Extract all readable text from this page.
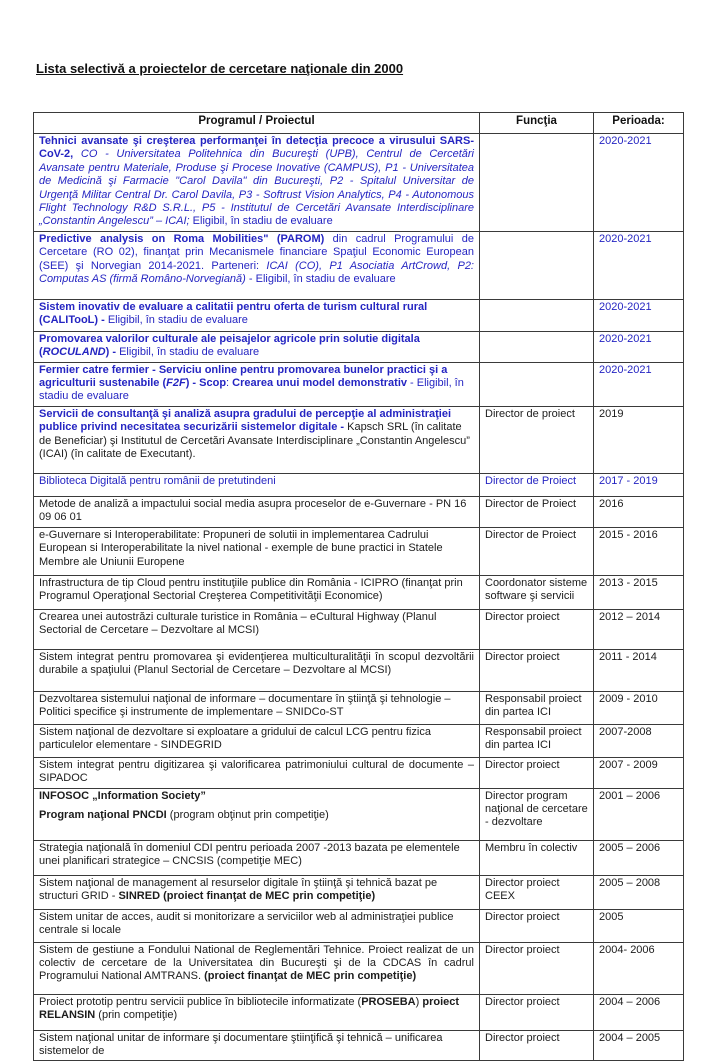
Lista selectivă a proiectelor de cercetare naţionale din 2000
Programul / Proiectul	Funcţia	Perioada:
Tehnici avansate şi creşterea performanţei în detecţia precoce a virusului SARS-CoV-2, CO - Universitatea Politehnica din Bucureşti (UPB), Centrul de Cercetări Avansate pentru Materiale, Produse şi Procese Inovative (CAMPUS), P1 - Universitatea de Medicină şi Farmacie "Carol Davila" din Bucureşti, P2 - Spitalul Universitar de Urgenţă Militar Central Dr. Carol Davila, P3 - Softrust Vision Analytics, P4 - Autonomous Flight Technology R&D S.R.L., P5 - Institutul de Cercetări Avansate Interdisciplinare „Constantin Angelescu” – ICAI; Eligibil, în stadiu de evaluare		2020-2021
Predictive analysis on Roma Mobilities" (PAROM) din cadrul Programului de Cercetare (RO 02), finanţat prin Mecanismele financiare Spaţiul Economic European (SEE) şi Norvegian 2014-2021. Parteneri: ICAI (CO), P1 Asociatia ArtCrowd, P2: Computas AS (firmă Româno-Norvegiană) - Eligibil, în stadiu de evaluare		2020-2021
Sistem inovativ de evaluare a calitatii pentru oferta de turism cultural rural (CALITooL) - Eligibil, în stadiu de evaluare		2020-2021
Promovarea valorilor culturale ale peisajelor agricole prin solutie digitala (ROCULAND) - Eligibil, în stadiu de evaluare		2020-2021
Fermier catre fermier - Serviciu online pentru promovarea bunelor practici şi a agriculturii sustenabile (F2F) - Scop: Crearea unui model demonstrativ - Eligibil, în stadiu de evaluare		2020-2021
Servicii de consultanţă şi analiză asupra gradului de percepţie al administraţiei publice privind necesitatea securizării sistemelor digitale - Kapsch SRL (în calitate de Beneficiar) şi Institutul de Cercetări Avansate Interdisciplinare „Constantin Angelescu” (ICAI) (în calitate de Executant).	Director de proiect	2019
Biblioteca Digitală pentru românii de pretutindeni	Director de Proiect	2017 - 2019
Metode de analiză a impactului social media asupra proceselor de e-Guvernare - PN 16 09 06 01	Director de Proiect	2016
e-Guvernare si Interoperabilitate: Propuneri de solutii in implementarea Cadrului European si Interoperabilitate la nivel national - exemple de bune practici in Statele Membre ale Uniunii Europene	Director de Proiect	2015 - 2016
Infrastructura de tip Cloud pentru instituţiile publice din România - ICIPRO (finanţat prin Programul Operaţional Sectorial Creşterea Competitivităţii Economice)	Coordonator sisteme software şi servicii	2013 - 2015
Crearea unei autostrăzi culturale turistice in România – eCultural Highway (Planul Sectorial de Cercetare – Dezvoltare al MCSI)	Director proiect	2012 – 2014
Sistem integrat pentru promovarea şi evidenţierea multiculturalităţii în scopul dezvoltării durabile a spaţiului (Planul Sectorial de Cercetare – Dezvoltare al MCSI)	Director proiect	2011 - 2014
Dezvoltarea sistemului naţional de informare – documentare în ştiinţă şi tehnologie – Politici specifice şi instrumente de implementare – SNIDCo-ST	Responsabil proiect din partea ICI	2009 - 2010
Sistem naţional de dezvoltare si exploatare a gridului de calcul LCG pentru fizica particulelor elementare - SINDEGRID	Responsabil proiect din partea ICI	2007-2008
Sistem integrat pentru digitizarea şi valorificarea patrimoniului cultural de documente – SIPADOC	Director proiect	2007 - 2009
INFOSOC „Information Society”
Program naţional PNCDI (program obţinut prin competiţie)	Director program naţional de cercetare - dezvoltare	2001 – 2006
Strategia naţională în domeniul CDI pentru perioada 2007 -2013 bazata pe elementele unei planificari strategice – CNCSIS (competiţie MEC)	Membru în colectiv	2005 – 2006
Sistem naţional de management al resurselor digitale în ştiinţă şi tehnică bazat pe structuri GRID - SINRED (proiect finanţat de MEC prin competiţie)	Director proiect CEEX	2005 – 2008
Sistem unitar de acces, audit si monitorizare a serviciilor web al administraţiei publice centrale si locale	Director proiect	2005
Sistem de gestiune a Fondului National de Reglementări Tehnice. Proiect realizat de un colectiv de cercetare de la Universitatea din Bucureşti şi de la CDCAS în cadrul Programului National AMTRANS. (proiect finanţat de MEC prin competiţie)	Director proiect	2004- 2006
Proiect prototip pentru servicii publice în bibliotecile informatizate (PROSEBA) proiect RELANSIN (prin competiţie)	Director proiect	2004 – 2006
Sistem naţional unitar de informare şi documentare ştiinţifică şi tehnică – unificarea sistemelor de	Director proiect	2004 – 2005
